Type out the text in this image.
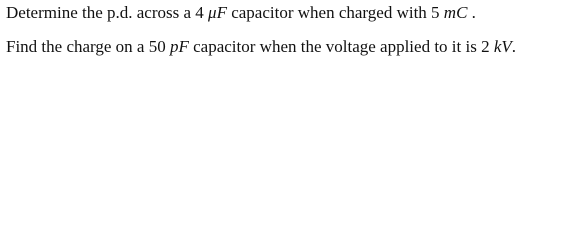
Determine the p.d. across a 4 μF capacitor when charged with 5 mC .
Find the charge on a 50 pF capacitor when the voltage applied to it is 2 kV.
